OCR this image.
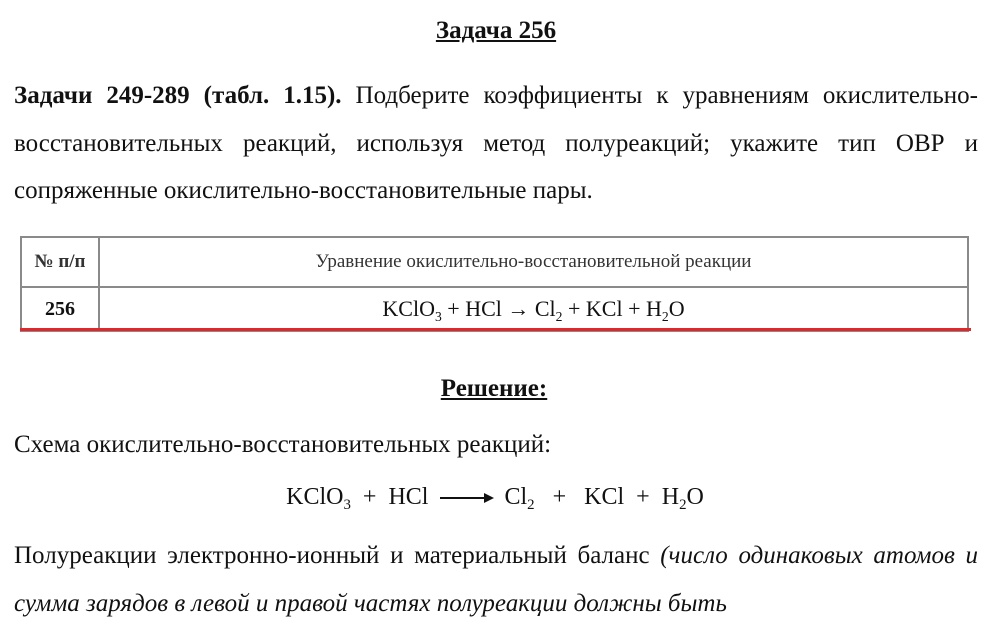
Задача 256

Задачи 249-289 (табл. 1.15). Подберите коэффициенты к уравнениям окислительно-восстановительных реакций, используя метод полуреакций; укажите тип ОВР и сопряженные окислительно-восстановительные пары.

№ п/п	Уравнение окислительно-восстановительной реакции
256	KClO$_3$ + HCl → $Cl_2$ + KCl + $H_2O$
Решение:
Схема окислительно-восстановительных реакций:
KClO$_3$  +  HCl	$Cl_2$   +   KCl  +  $H_2O$

Полуреакции электронно-ионный и материальный баланс (число одинаковых атомов и сумма зарядов в левой и правой частях полуреакции должны быть
